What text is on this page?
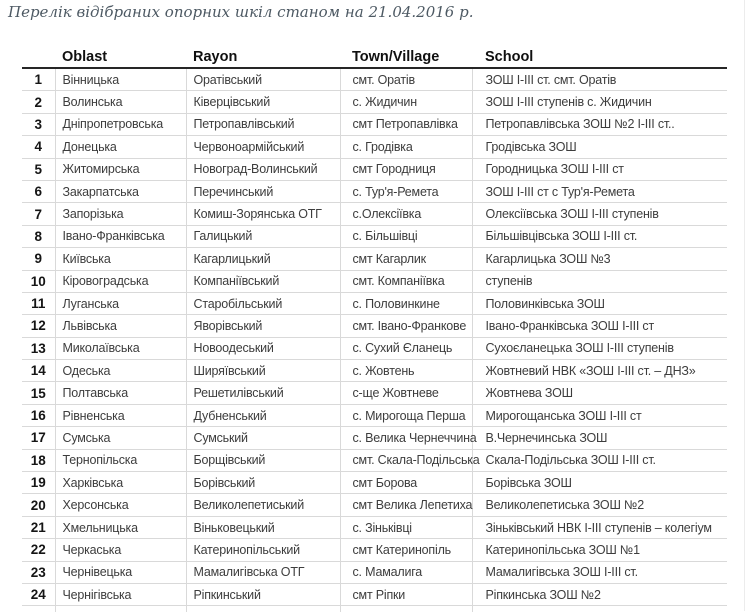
Перелік відібраних опорних шкіл станом на 21.04.2016 р.
	Oblast	Rayon	Town/Village	School
1	Вінницька	Оратівський	смт. Оратів	ЗОШ І-ІІІ ст. смт. Оратів
2	Волинська	Ківерцівський	с. Жидичин	ЗОШ І-ІІІ ступенів с. Жидичин
3	Дніпропетровська	Петропавлівський	смт Петропавлівка	Петропавлівська ЗОШ №2 І-ІІІ ст..
4	Донецька	Червоноармійський	с. Гродівка	Гродівська ЗОШ
5	Житомирська	Новоград-Волинський	смт Городниця	Городницька ЗОШ І-ІІІ ст
6	Закарпатська	Перечинський	с. Тур'я-Ремета	ЗОШ І-ІІІ ст с Тур'я-Ремета
7	Запорізька	Комиш-Зорянська ОТГ	с.Олексіївка	Олексіївська ЗОШ І-ІІІ ступенів
8	Івано-Франківська	Галицький	с. Більшівці	Більшівцівська ЗОШ І-ІІІ ст.
9	Київська	Кагарлицький	смт Кагарлик	Кагарлицька ЗОШ №3
10	Кіровоградська	Компаніївський	смт. Компаніївка	ступенів
11	Луганська	Старобільський	с. Половинкине	Половинківська ЗОШ
12	Львівська	Яворівський	смт. Івано-Франкове	Івано-Франківська ЗОШ І-ІІІ ст
13	Миколаївська	Новоодеський	с. Сухий Єланець	Сухоєланецька ЗОШ І-ІІІ ступенів
14	Одеська	Ширяївський	с. Жовтень	Жовтневий НВК «ЗОШ І-ІІІ ст. – ДНЗ»
15	Полтавська	Решетилівський	с-ще Жовтневе	Жовтнева ЗОШ
16	Рівненська	Дубненський	с. Мирогоща Перша	Мирогощанська ЗОШ І-ІІІ ст
17	Сумська	Сумський	с. Велика Чернеччина	В.Чернечинська ЗОШ
18	Тернопільска	Борщівський	смт. Скала-Подільська	Скала-Подільська ЗОШ І-ІІІ ст.
19	Харківська	Борівський	смт Борова	Борівська ЗОШ
20	Херсонська	Великолепетиський	смт Велика Лепетиха	Великолепетиська ЗОШ №2
21	Хмельницька	Віньковецький	с. Зіньківці	Зіньківський НВК І-ІІІ ступенів – колегіум
22	Черкаська	Катеринопільський	смт Катеринопіль	Катеринопільська ЗОШ №1
23	Чернівецька	Мамалигівська ОТГ	с. Мамалига	Мамалигівська ЗОШ І-ІІІ ст.
24	Чернігівська	Ріпкинський	смт Ріпки	Ріпкинська ЗОШ №2
